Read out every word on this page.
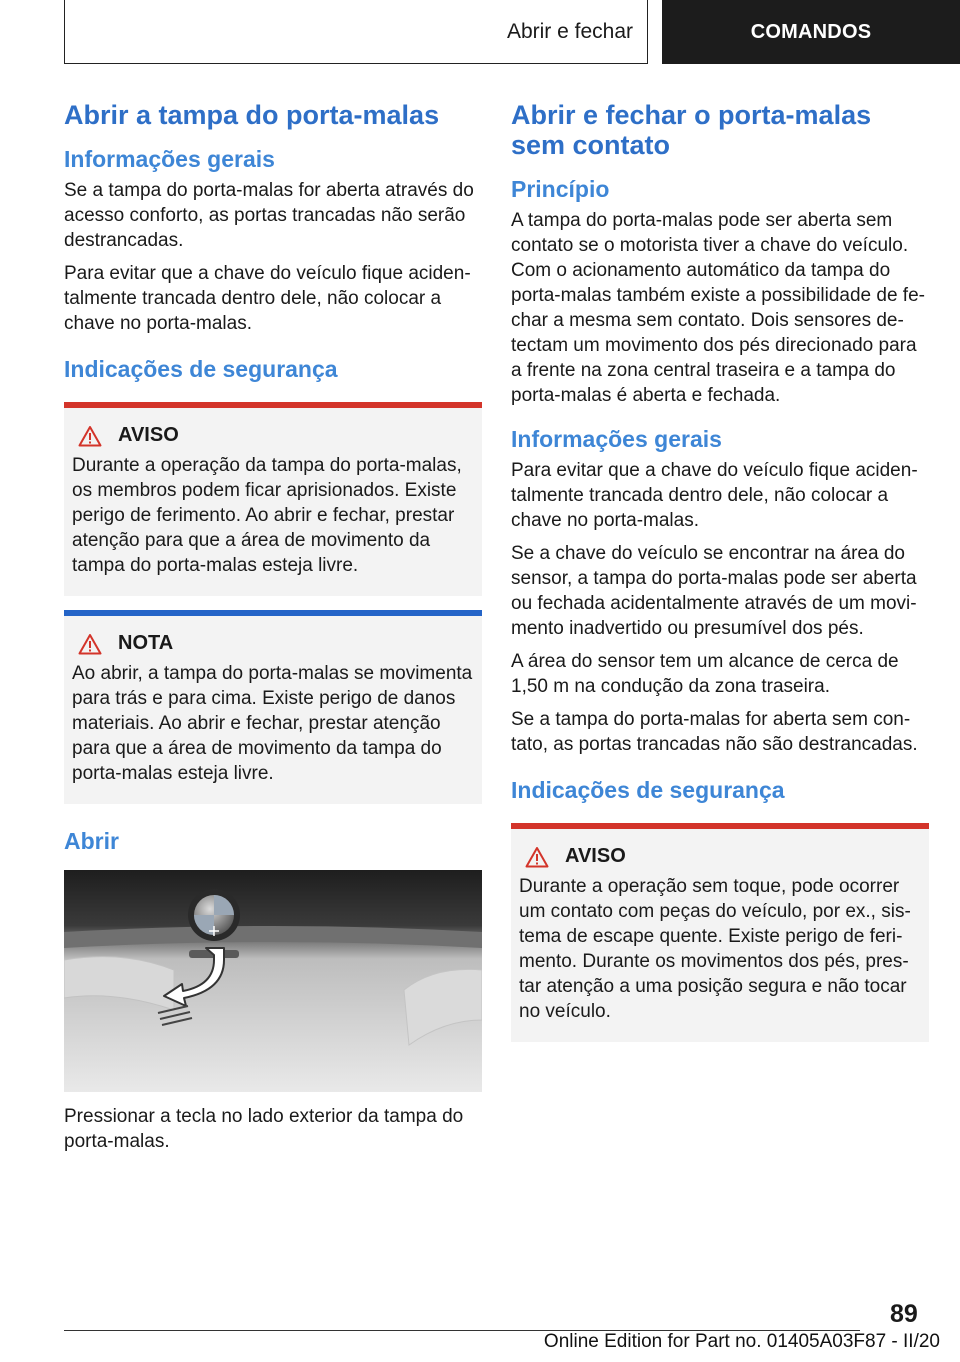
Abrir e fechar	COMANDOS
Abrir a tampa do porta-malas
Informações gerais

Se a tampa do porta-malas for aberta através do acesso conforto, as portas trancadas não serão destrancadas.

Para evitar que a chave do veículo fique aciden-talmente trancada dentro dele, não colocar a chave no porta-malas.

Indicações de segurança
AVISO

Durante a operação da tampa do porta-malas, os membros podem ficar aprisionados. Existe perigo de ferimento. Ao abrir e fechar, prestar atenção para que a área de movimento da tampa do porta-malas esteja livre.

NOTA

Ao abrir, a tampa do porta-malas se movimenta para trás e para cima. Existe perigo de danos materiais. Ao abrir e fechar, prestar atenção para que a área de movimento da tampa do porta-malas esteja livre.

Abrir

Pressionar a tecla no lado exterior da tampa do porta-malas.

Abrir e fechar o porta-malas sem contato
Princípio

A tampa do porta-malas pode ser aberta sem contato se o motorista tiver a chave do veículo. Com o acionamento automático da tampa do porta-malas também existe a possibilidade de fe-char a mesma sem contato. Dois sensores de-tectam um movimento dos pés direcionado para a frente na zona central traseira e a tampa do porta-malas é aberta e fechada.

Informações gerais

Para evitar que a chave do veículo fique aciden-talmente trancada dentro dele, não colocar a chave no porta-malas.

Se a chave do veículo se encontrar na área do sensor, a tampa do porta-malas pode ser aberta ou fechada acidentalmente através de um movi-mento inadvertido ou presumível dos pés.

A área do sensor tem um alcance de cerca de 1,50 m na condução da zona traseira.

Se a tampa do porta-malas for aberta sem con-tato, as portas trancadas não são destrancadas.

Indicações de segurança
AVISO

Durante a operação sem toque, pode ocorrer um contato com peças do veículo, por ex., sis-tema de escape quente. Existe perigo de feri-mento. Durante os movimentos dos pés, pres-tar atenção a uma posição segura e não tocar no veículo.

89
Online Edition for Part no. 01405A03F87 - II/20
